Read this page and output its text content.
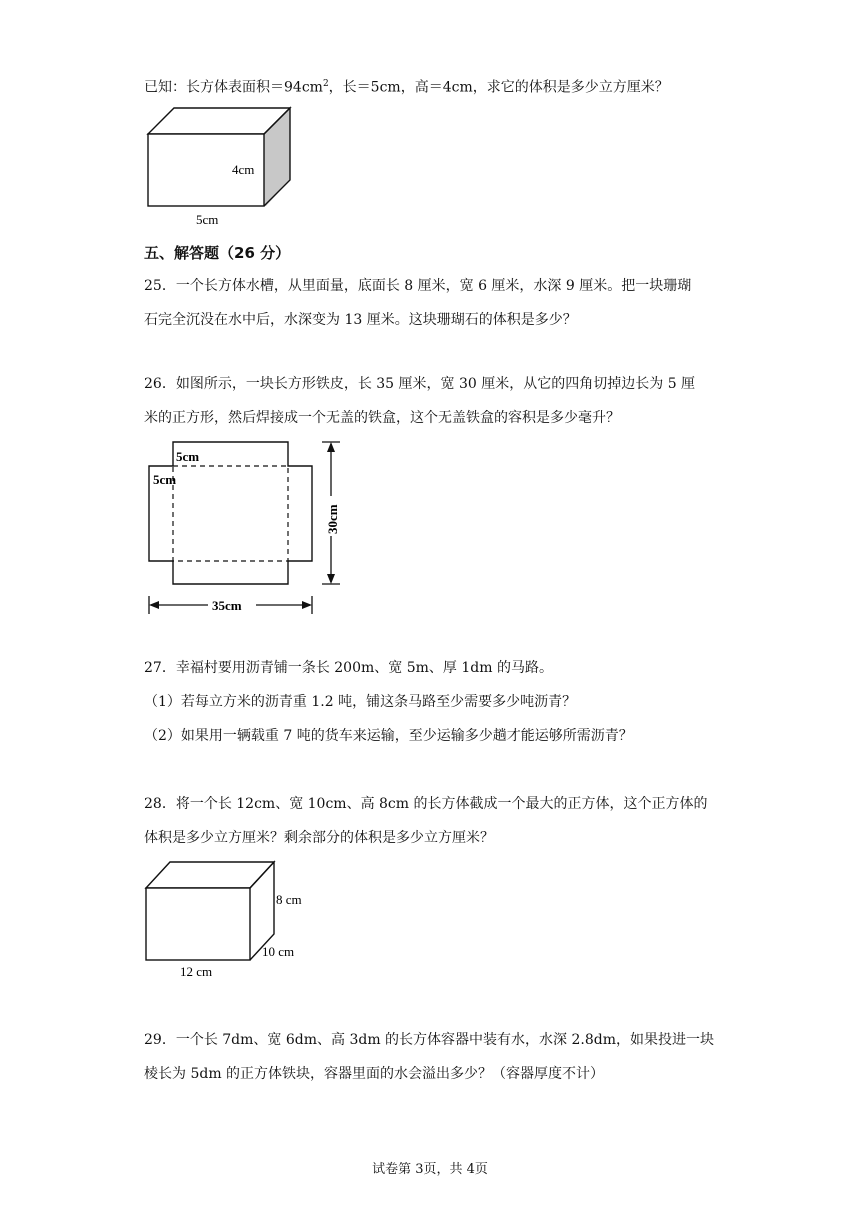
已知：长方体表面积$=94cm^2$，长＝5cm，高＝4cm，求它的体积是多少立方厘米？
4cm
5cm
五、解答题（26 分）
25．一个长方体水槽，从里面量，底面长 8 厘米，宽 6 厘米，水深 9 厘米。把一块珊瑚
石完全沉没在水中后，水深变为 13 厘米。这块珊瑚石的体积是多少？
26．如图所示，一块长方形铁皮，长 35 厘米，宽 30 厘米，从它的四角切掉边长为 5 厘
米的正方形，然后焊接成一个无盖的铁盒，这个无盖铁盒的容积是多少毫升？
5cm
5cm
30cm
35cm
27．幸福村要用沥青铺一条长 200m、宽 5m、厚 1dm 的马路。
（1）若每立方米的沥青重 1.2 吨，铺这条马路至少需要多少吨沥青？
（2）如果用一辆载重 7 吨的货车来运输，至少运输多少趟才能运够所需沥青？
28．将一个长 12cm、宽 10cm、高 8cm 的长方体截成一个最大的正方体，这个正方体的
体积是多少立方厘米？剩余部分的体积是多少立方厘米？
8 cm
10 cm
12 cm
29．一个长 7dm、宽 6dm、高 3dm 的长方体容器中装有水，水深 2.8dm，如果投进一块
棱长为 5dm 的正方体铁块，容器里面的水会溢出多少？（容器厚度不计）
试卷第 3页，共 4页
